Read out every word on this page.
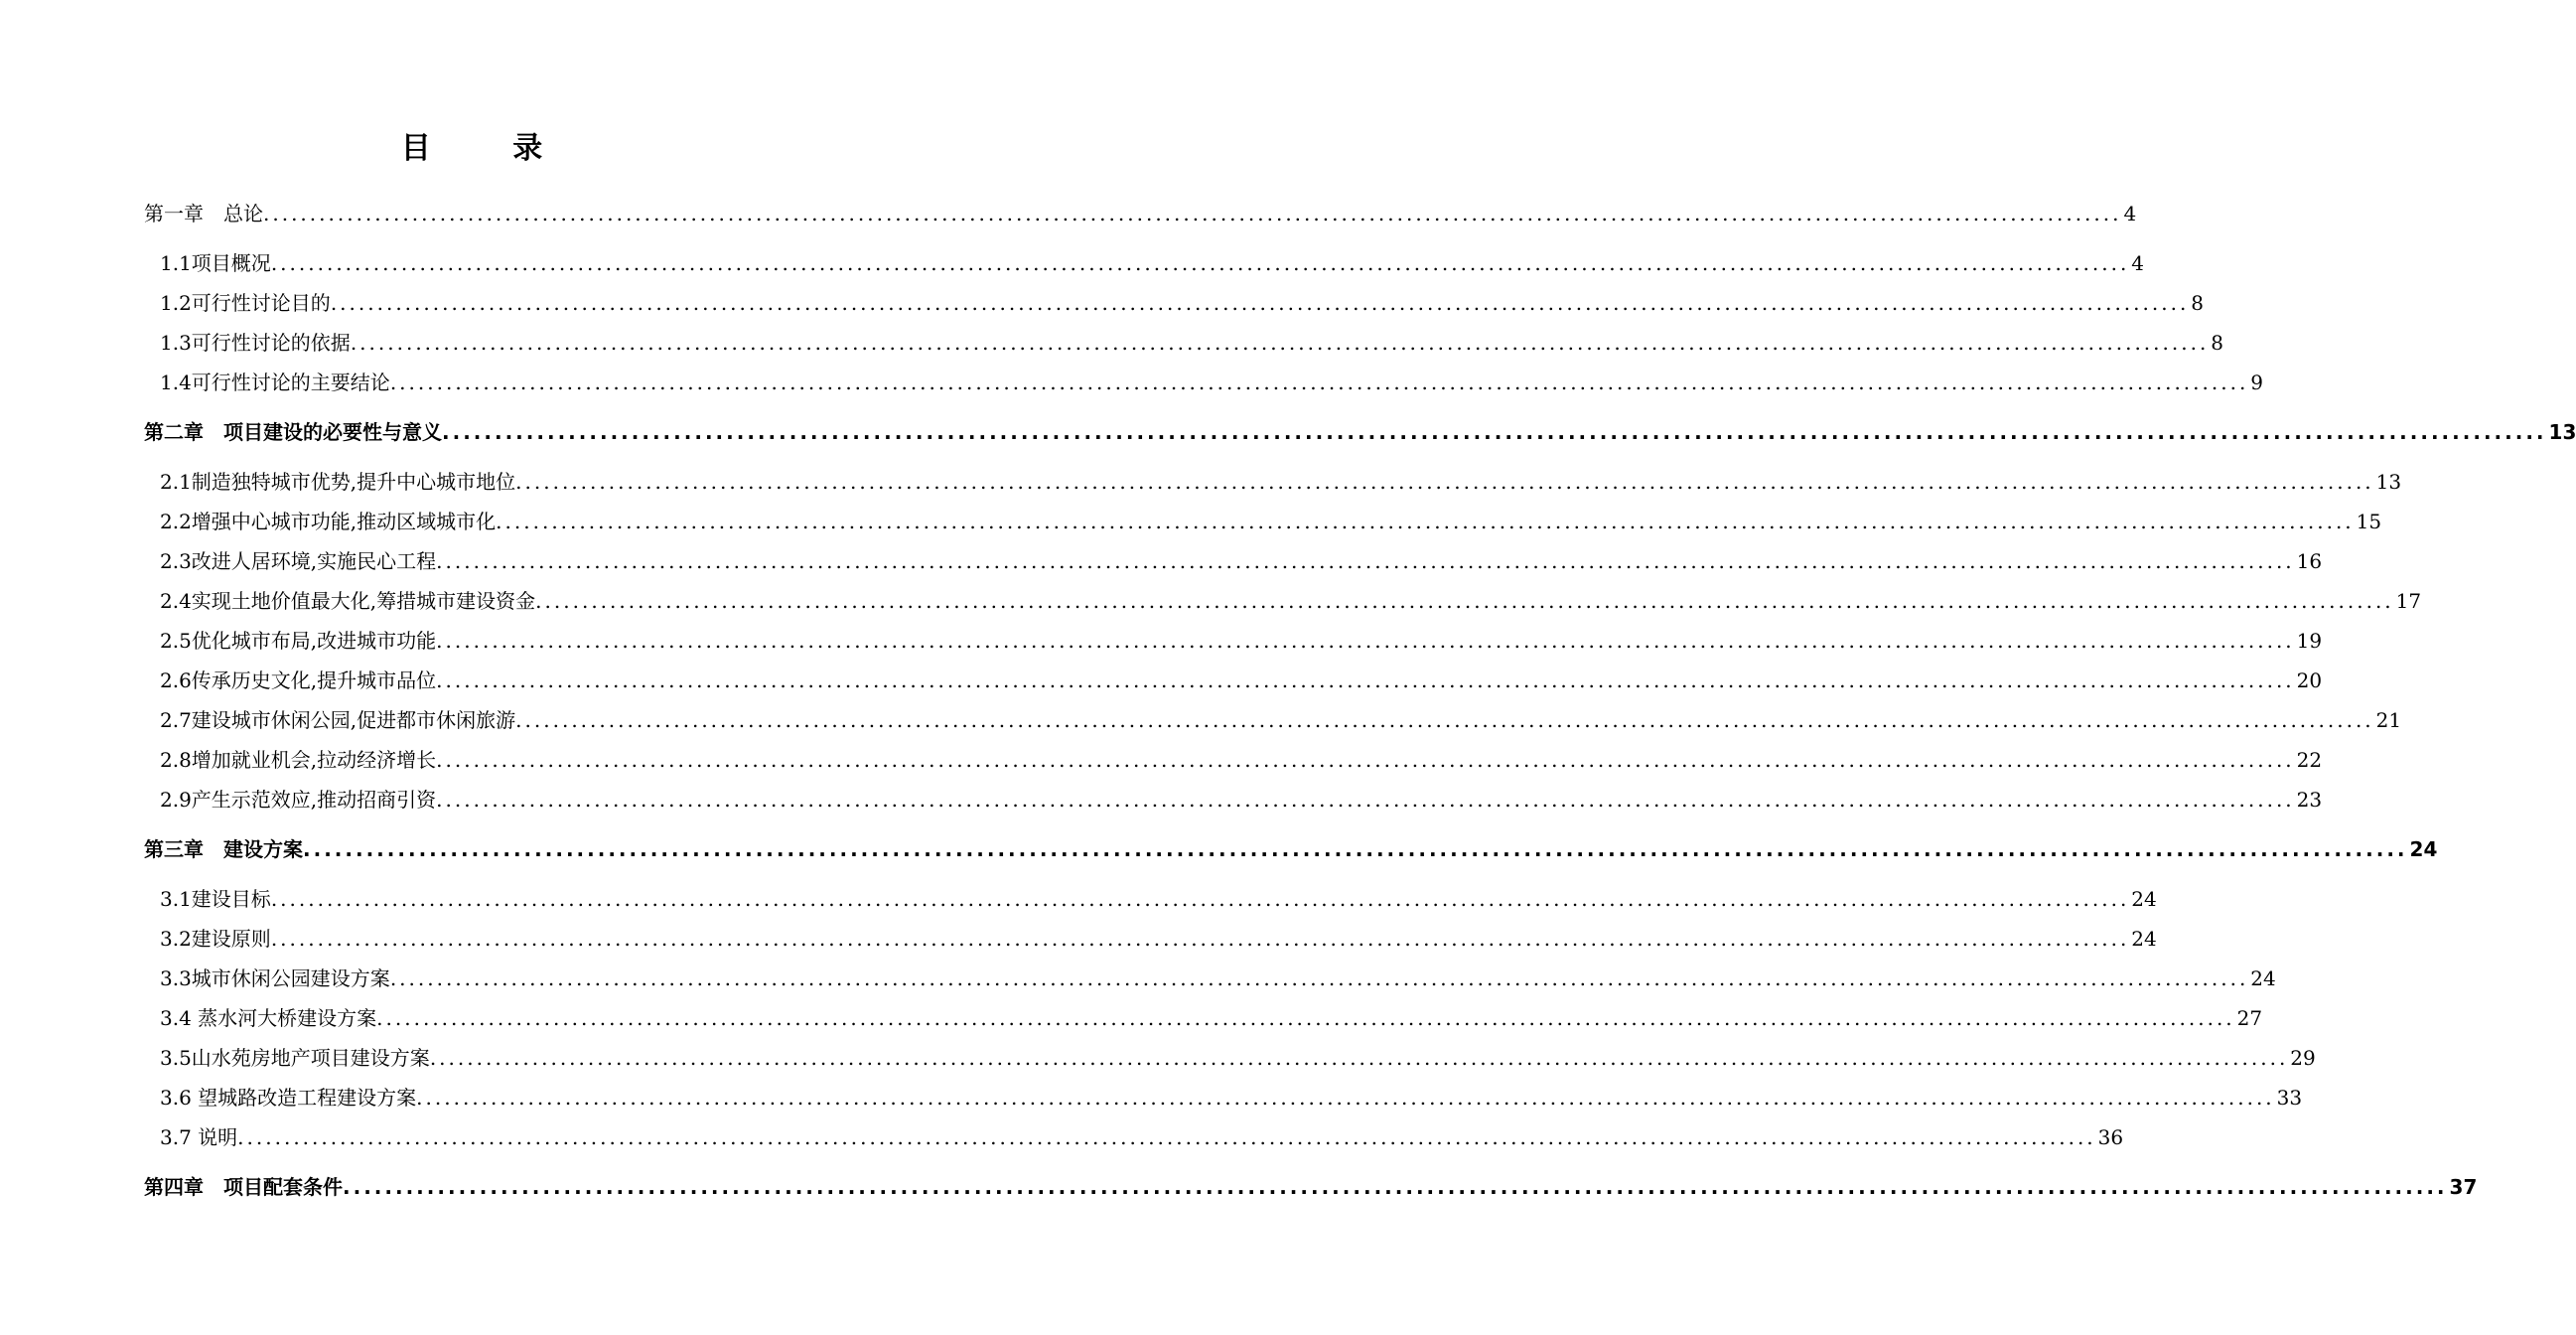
目 录
第一章　总论 ........................................................................................................................................................................................................ 4
1.1项目概况 ........................................................................................................................................................................................................ 4
1.2可行性讨论目的 ........................................................................................................................................................................................................ 8
1.3可行性讨论的依据 ........................................................................................................................................................................................................ 8
1.4可行性讨论的主要结论 ........................................................................................................................................................................................................ 9
第二章　项目建设的必要性与意义 ........................................................................................................................................................................................................ 13
2.1制造独特城市优势,提升中心城市地位 ........................................................................................................................................................................................................ 13
2.2增强中心城市功能,推动区域城市化 ........................................................................................................................................................................................................ 15
2.3改进人居环境,实施民心工程 ........................................................................................................................................................................................................ 16
2.4实现土地价值最大化,筹措城市建设资金 ........................................................................................................................................................................................................ 17
2.5优化城市布局,改进城市功能 ........................................................................................................................................................................................................ 19
2.6传承历史文化,提升城市品位 ........................................................................................................................................................................................................ 20
2.7建设城市休闲公园,促进都市休闲旅游 ........................................................................................................................................................................................................ 21
2.8增加就业机会,拉动经济增长 ........................................................................................................................................................................................................ 22
2.9产生示范效应,推动招商引资 ........................................................................................................................................................................................................ 23
第三章　建设方案 ........................................................................................................................................................................................................ 24
3.1建设目标 ........................................................................................................................................................................................................ 24
3.2建设原则 ........................................................................................................................................................................................................ 24
3.3城市休闲公园建设方案 ........................................................................................................................................................................................................ 24
3.4 蒸水河大桥建设方案 ........................................................................................................................................................................................................ 27
3.5山水苑房地产项目建设方案 ........................................................................................................................................................................................................ 29
3.6 望城路改造工程建设方案 ........................................................................................................................................................................................................ 33
3.7 说明 ........................................................................................................................................................................................................ 36
第四章　项目配套条件 ........................................................................................................................................................................................................ 37
